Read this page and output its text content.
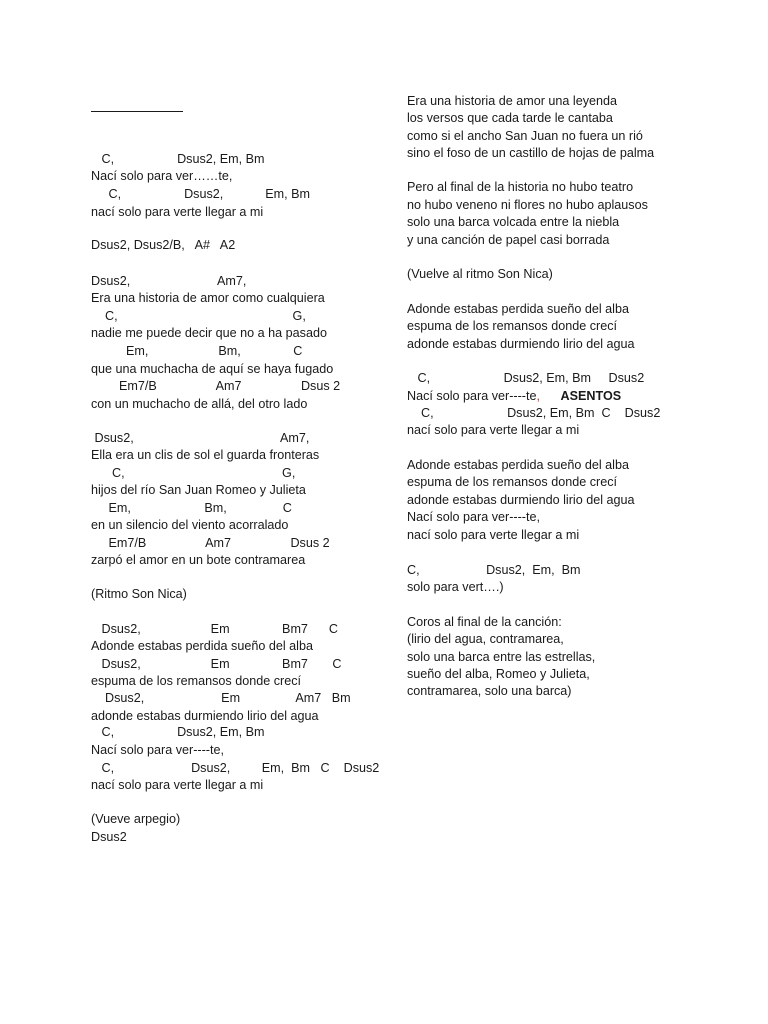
C,                  Dsus2, Em, Bm
Nací solo para ver……te,
C,                  Dsus2,            Em, Bm
nací solo para verte llegar a mi
Dsus2, Dsus2/B,   A#   A2
Dsus2,                         Am7,
Era una historia de amor como cualquiera
C,                                                  G,
nadie me puede decir que no a ha pasado
Em,                    Bm,               C
que una muchacha de aquí se haya fugado
Em7/B                 Am7                 Dsus 2
con un muchacho de allá, del otro lado
Dsus2,                                          Am7,
Ella era un clis de sol el guarda fronteras
C,                                             G,
hijos del río San Juan Romeo y Julieta
Em,                     Bm,                C
en un silencio del viento acorralado
Em7/B                 Am7                 Dsus 2
zarpó el amor en un bote contramarea
(Ritmo Son Nica)
Dsus2,                    Em               Bm7      C
Adonde estabas perdida sueño del alba
Dsus2,                    Em               Bm7       C
espuma de los remansos donde crecí
Dsus2,                      Em                Am7   Bm
adonde estabas durmiendo lirio del agua
C,                  Dsus2, Em, Bm
Nací solo para ver----te,
C,                      Dsus2,         Em,  Bm   C    Dsus2
nací solo para verte llegar a mi
(Vueve arpegio)
Dsus2
Era una historia de amor una leyenda
los versos que cada tarde le cantaba
como si el ancho San Juan no fuera un rió
sino el foso de un castillo de hojas de palma
Pero al final de la historia no hubo teatro
no hubo veneno ni flores no hubo aplausos
solo una barca volcada entre la niebla
y una canción de papel casi borrada
(Vuelve al ritmo Son Nica)
Adonde estabas perdida sueño del alba
espuma de los remansos donde crecí
adonde estabas durmiendo lirio del agua
C,                     Dsus2, Em, Bm     Dsus2
Nací solo para ver----te,      ASENTOS
C,                     Dsus2, Em, Bm  C    Dsus2
nací solo para verte llegar a mi
Adonde estabas perdida sueño del alba
espuma de los remansos donde crecí
adonde estabas durmiendo lirio del agua
Nací solo para ver----te,
nací solo para verte llegar a mi
C,                   Dsus2,  Em,  Bm
solo para vert….)
Coros al final de la canción:
(lirio del agua, contramarea,
solo una barca entre las estrellas,
sueño del alba, Romeo y Julieta,
contramarea, solo una barca)
